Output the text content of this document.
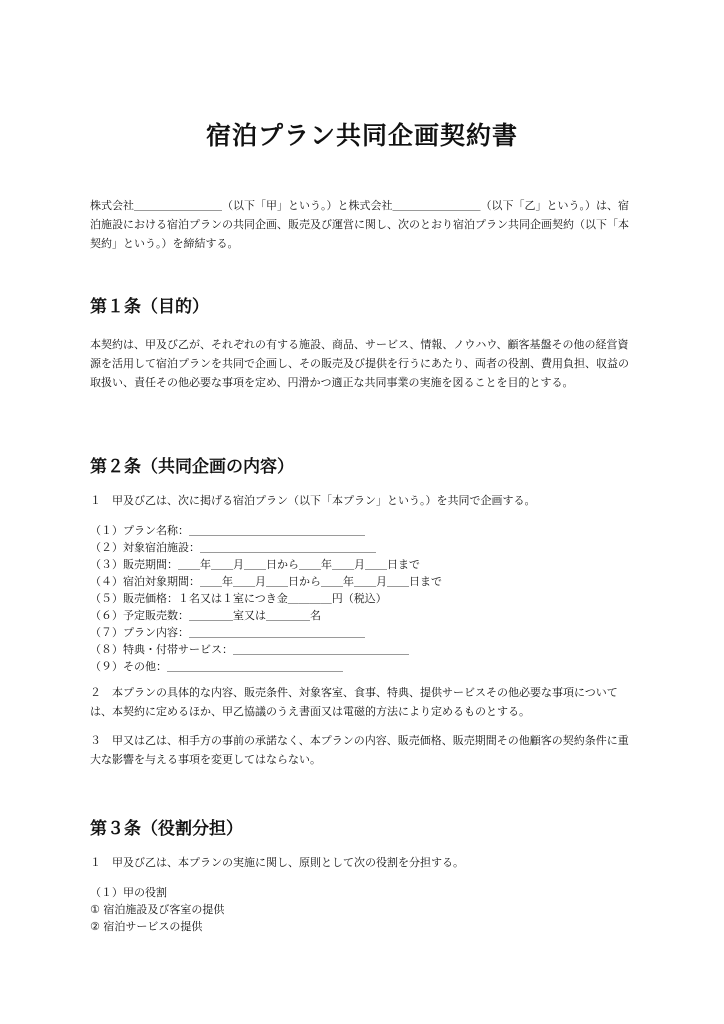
宿泊プラン共同企画契約書

株式会社＿＿＿＿＿＿＿＿（以下「甲」という。）と株式会社＿＿＿＿＿＿＿＿（以下「乙」という。）は、宿泊施設における宿泊プランの共同企画、販売及び運営に関し、次のとおり宿泊プラン共同企画契約（以下「本契約」という。）を締結する。

第１条（目的）

本契約は、甲及び乙が、それぞれの有する施設、商品、サービス、情報、ノウハウ、顧客基盤その他の経営資源を活用して宿泊プランを共同で企画し、その販売及び提供を行うにあたり、両者の役割、費用負担、収益の取扱い、責任その他必要な事項を定め、円滑かつ適正な共同事業の実施を図ることを目的とする。

第２条（共同企画の内容）

１　甲及び乙は、次に掲げる宿泊プラン（以下「本プラン」という。）を共同で企画する。

（１）プラン名称：＿＿＿＿＿＿＿＿＿＿＿＿＿＿＿＿
（２）対象宿泊施設：＿＿＿＿＿＿＿＿＿＿＿＿＿＿＿＿
（３）販売期間：＿＿年＿＿月＿＿日から＿＿年＿＿月＿＿日まで
（４）宿泊対象期間：＿＿年＿＿月＿＿日から＿＿年＿＿月＿＿日まで
（５）販売価格：１名又は１室につき金＿＿＿＿円（税込）
（６）予定販売数：＿＿＿＿室又は＿＿＿＿名
（７）プラン内容：＿＿＿＿＿＿＿＿＿＿＿＿＿＿＿＿
（８）特典・付帯サービス：＿＿＿＿＿＿＿＿＿＿＿＿＿＿＿＿
（９）その他：＿＿＿＿＿＿＿＿＿＿＿＿＿＿＿＿

２　本プランの具体的な内容、販売条件、対象客室、食事、特典、提供サービスその他必要な事項については、本契約に定めるほか、甲乙協議のうえ書面又は電磁的方法により定めるものとする。

３　甲又は乙は、相手方の事前の承諾なく、本プランの内容、販売価格、販売期間その他顧客の契約条件に重大な影響を与える事項を変更してはならない。

第３条（役割分担）

１　甲及び乙は、本プランの実施に関し、原則として次の役割を分担する。

（１）甲の役割
① 宿泊施設及び客室の提供
② 宿泊サービスの提供
